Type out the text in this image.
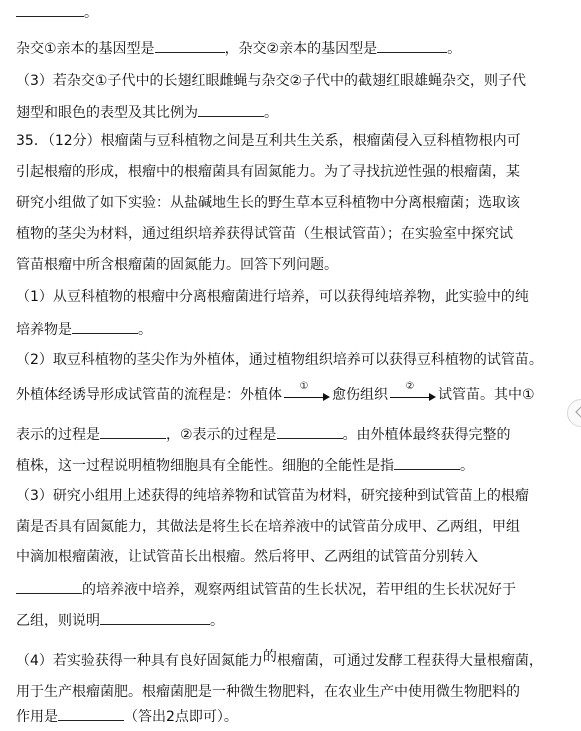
。
杂交①亲本的基因型是	，杂交②亲本的基因型是	。
（3）若杂交①子代中的长翅红眼雌蝇与杂交②子代中的截翅红眼雄蝇杂交，则子代
翅型和眼色的表型及其比例为	。
35．（12分）根瘤菌与豆科植物之间是互利共生关系，根瘤菌侵入豆科植物根内可
引起根瘤的形成，根瘤中的根瘤菌具有固氮能力。为了寻找抗逆性强的根瘤菌，某
研究小组做了如下实验：从盐碱地生长的野生草本豆科植物中分离根瘤菌；选取该
植物的茎尖为材料，通过组织培养获得试管苗（生根试管苗）；在实验室中探究试
管苗根瘤中所含根瘤菌的固氮能力。回答下列问题。
（1）从豆科植物的根瘤中分离根瘤菌进行培养，可以获得纯培养物，此实验中的纯
培养物是	。
（2）取豆科植物的茎尖作为外植体，通过植物组织培养可以获得豆科植物的试管苗。
外植体经诱导形成试管苗的流程是：外植体
①
愈伤组织
②
试管苗。其中①
表示的过程是	，②表示的过程是	。由外植体最终获得完整的
植株，这一过程说明植物细胞具有全能性。细胞的全能性是指	。
（3）研究小组用上述获得的纯培养物和试管苗为材料，研究接种到试管苗上的根瘤
菌是否具有固氮能力，其做法是将生长在培养液中的试管苗分成甲、乙两组，甲组
中滴加根瘤菌液，让试管苗长出根瘤。然后将甲、乙两组的试管苗分别转入
的培养液中培养，观察两组试管苗的生长状况，若甲组的生长状况好于
乙组，则说明	。
（4）若实验获得一种具有良好固氮能力的根瘤菌，可通过发酵工程获得大量根瘤菌，
用于生产根瘤菌肥。根瘤菌肥是一种微生物肥料，在农业生产中使用微生物肥料的
作用是	（答出2点即可）。
